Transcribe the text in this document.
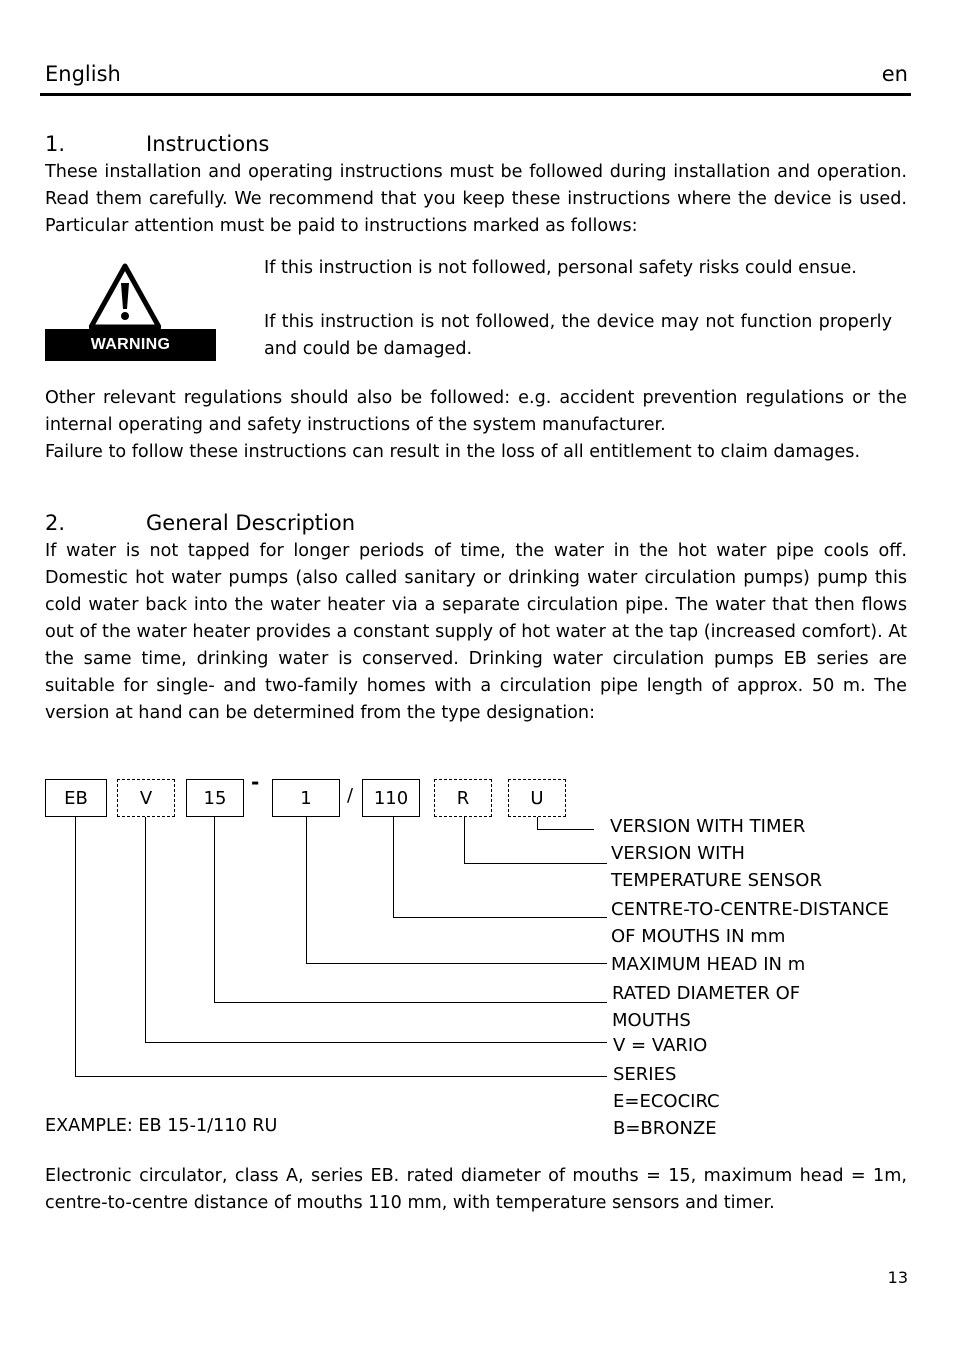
English	en
1.	Instructions
These installation and operating instructions must be followed during installation and operation. Read them carefully. We recommend that you keep these instructions where the device is used. Particular attention must be paid to instructions marked as follows:
WARNING
If this instruction is not followed, personal safety risks could ensue.
If this instruction is not followed, the device may not function properly and could be damaged.
Other relevant regulations should also be followed: e.g. accident prevention regulations or the internal operating and safety instructions of the system manufacturer.
Failure to follow these instructions can result in the loss of all entitlement to claim damages.
2.	General Description
If water is not tapped for longer periods of time, the water in the hot water pipe cools off. Domestic hot water pumps (also called sanitary or drinking water circulation pumps) pump this cold water back into the water heater via a separate circulation pipe. The water that then flows out of the water heater provides a constant supply of hot water at the tap (increased comfort). At the same time, drinking water is conserved. Drinking water circulation pumps EB series are suitable for single- and two-family homes with a circulation pipe length of approx. 50 m. The version at hand can be determined from the type designation:
EB	V	15
-
1	/	110	R	U
VERSION WITH TIMER
VERSION WITH
TEMPERATURE SENSOR
CENTRE-TO-CENTRE-DISTANCE
OF MOUTHS IN mm
MAXIMUM HEAD IN m
RATED DIAMETER OF
MOUTHS
V = VARIO
SERIES
E=ECOCIRC
B=BRONZE
EXAMPLE: EB 15-1/110 RU
Electronic circulator, class A, series EB. rated diameter of mouths = 15, maximum head = 1m, centre-to-centre distance of mouths 110 mm, with temperature sensors and timer.
13
